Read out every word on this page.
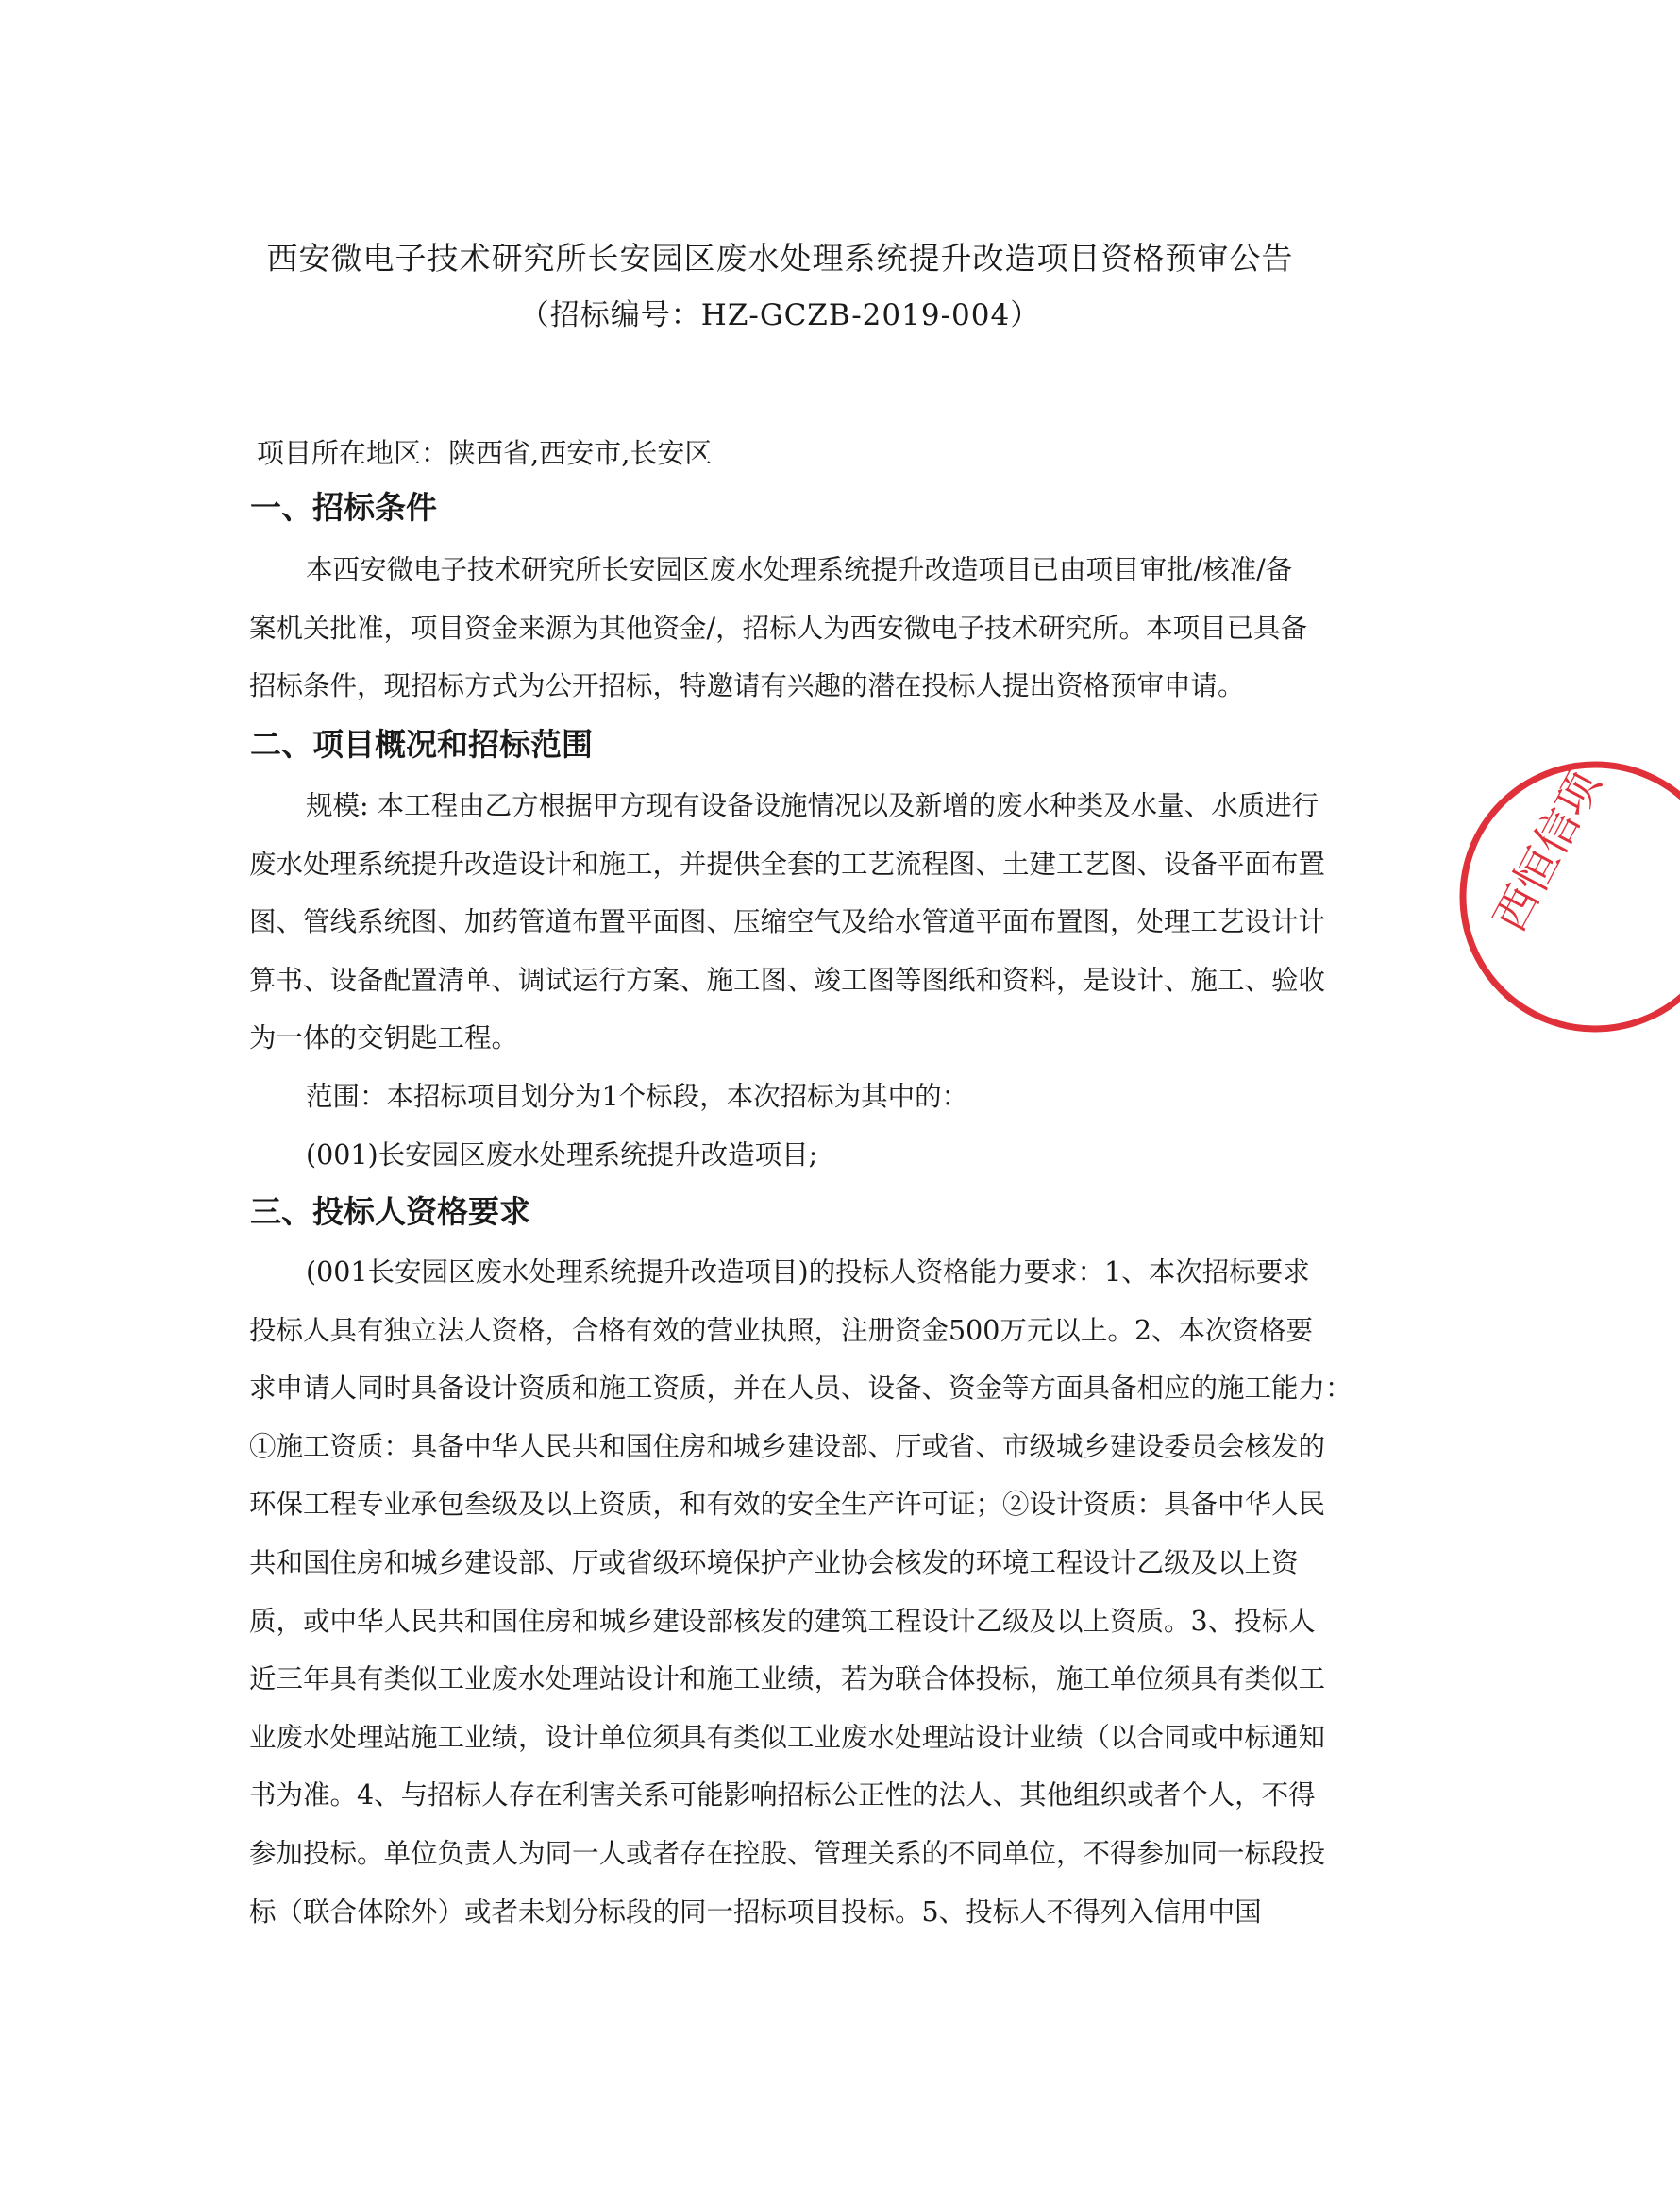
西安微电子技术研究所长安园区废水处理系统提升改造项目资格预审公告
（招标编号：HZ-GCZB-2019-004）
项目所在地区：陕西省,西安市,长安区
一、招标条件

本西安微电子技术研究所长安园区废水处理系统提升改造项目已由项目审批/核准/备
案机关批准，项目资金来源为其他资金/，招标人为西安微电子技术研究所。本项目已具备
招标条件，现招标方式为公开招标，特邀请有兴趣的潜在投标人提出资格预审申请。

二、项目概况和招标范围

规模: 本工程由乙方根据甲方现有设备设施情况以及新增的废水种类及水量、水质进行
废水处理系统提升改造设计和施工，并提供全套的工艺流程图、土建工艺图、设备平面布置
图、管线系统图、加药管道布置平面图、压缩空气及给水管道平面布置图，处理工艺设计计
算书、设备配置清单、调试运行方案、施工图、竣工图等图纸和资料，是设计、施工、验收
为一体的交钥匙工程。
范围：本招标项目划分为1个标段，本次招标为其中的：
(001)长安园区废水处理系统提升改造项目;

三、投标人资格要求

(001长安园区废水处理系统提升改造项目)的投标人资格能力要求：1、本次招标要求
投标人具有独立法人资格，合格有效的营业执照，注册资金500万元以上。2、本次资格要
求申请人同时具备设计资质和施工资质，并在人员、设备、资金等方面具备相应的施工能力：
①施工资质：具备中华人民共和国住房和城乡建设部、厅或省、市级城乡建设委员会核发的
环保工程专业承包叁级及以上资质，和有效的安全生产许可证；②设计资质：具备中华人民
共和国住房和城乡建设部、厅或省级环境保护产业协会核发的环境工程设计乙级及以上资
质，或中华人民共和国住房和城乡建设部核发的建筑工程设计乙级及以上资质。3、投标人
近三年具有类似工业废水处理站设计和施工业绩，若为联合体投标，施工单位须具有类似工
业废水处理站施工业绩，设计单位须具有类似工业废水处理站设计业绩（以合同或中标通知
书为准。4、与招标人存在利害关系可能影响招标公正性的法人、其他组织或者个人，不得
参加投标。单位负责人为同一人或者存在控股、管理关系的不同单位，不得参加同一标段投
标（联合体除外）或者未划分标段的同一招标项目投标。5、投标人不得列入信用中国

西恒信项
